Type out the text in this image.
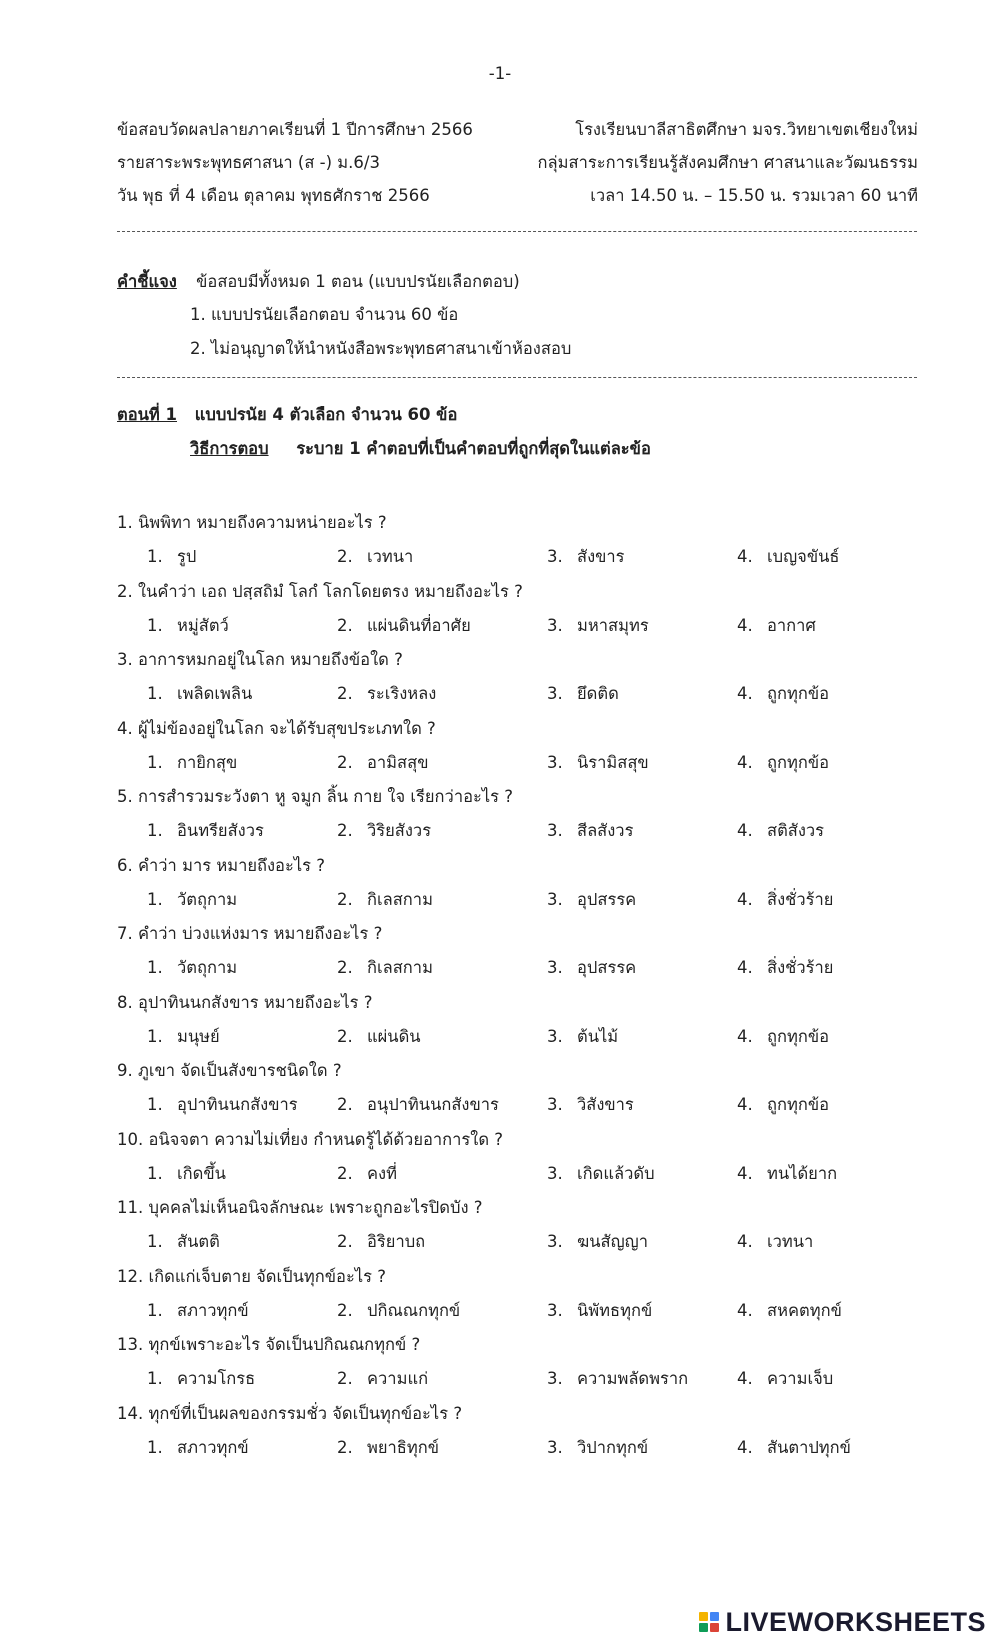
-1-
ข้อสอบวัดผลปลายภาคเรียนที่ 1 ปีการศึกษา 2566
รายสาระพระพุทธศาสนา (ส -) ม.6/3
วัน พุธ ที่ 4 เดือน ตุลาคม พุทธศักราช 2566
โรงเรียนบาลีสาธิตศึกษา มจร.วิทยาเขตเชียงใหม่
กลุ่มสาระการเรียนรู้สังคมศึกษา ศาสนาและวัฒนธรรม
เวลา 14.50 น. – 15.50 น. รวมเวลา 60 นาที
คำชี้แจง ข้อสอบมีทั้งหมด 1 ตอน (แบบปรนัยเลือกตอบ)
1. แบบปรนัยเลือกตอบ จำนวน 60 ข้อ
2. ไม่อนุญาตให้นำหนังสือพระพุทธศาสนาเข้าห้องสอบ
ตอนที่ 1 แบบปรนัย 4 ตัวเลือก จำนวน 60 ข้อ
วิธีการตอบ ระบาย 1 คำตอบที่เป็นคำตอบที่ถูกที่สุดในแต่ละข้อ
1. นิพพิทา หมายถึงความหน่ายอะไร ?
1. รูป	2. เวทนา	3. สังขาร	4. เบญจขันธ์
2. ในคำว่า เอถ ปสฺสถิมํ โลกํ โลกโดยตรง หมายถึงอะไร ?
1. หมู่สัตว์	2. แผ่นดินที่อาศัย	3. มหาสมุทร	4. อากาศ
3. อาการหมกอยู่ในโลก หมายถึงข้อใด ?
1. เพลิดเพลิน	2. ระเริงหลง	3. ยึดติด	4. ถูกทุกข้อ
4. ผู้ไม่ข้องอยู่ในโลก จะได้รับสุขประเภทใด ?
1. กายิกสุข	2. อามิสสุข	3. นิรามิสสุข	4. ถูกทุกข้อ
5. การสำรวมระวังตา หู จมูก ลิ้น กาย ใจ เรียกว่าอะไร ?
1. อินทรียสังวร	2. วิริยสังวร	3. สีลสังวร	4. สติสังวร
6. คำว่า มาร หมายถึงอะไร ?
1. วัตถุกาม	2. กิเลสกาม	3. อุปสรรค	4. สิ่งชั่วร้าย
7. คำว่า บ่วงแห่งมาร หมายถึงอะไร ?
1. วัตถุกาม	2. กิเลสกาม	3. อุปสรรค	4. สิ่งชั่วร้าย
8. อุปาทินนกสังขาร หมายถึงอะไร ?
1. มนุษย์	2. แผ่นดิน	3. ต้นไม้	4. ถูกทุกข้อ
9. ภูเขา จัดเป็นสังขารชนิดใด ?
1. อุปาทินนกสังขาร 2. อนุปาทินนกสังขาร	3. วิสังขาร	4. ถูกทุกข้อ
10. อนิจจตา ความไม่เที่ยง กำหนดรู้ได้ด้วยอาการใด ?
1. เกิดขึ้น	2. คงที่	3. เกิดแล้วดับ	4. ทนได้ยาก
11. บุคคลไม่เห็นอนิจลักษณะ เพราะถูกอะไรปิดบัง ?
1. สันตติ	2. อิริยาบถ	3. ฆนสัญญา	4. เวทนา
12. เกิดแก่เจ็บตาย จัดเป็นทุกข์อะไร ?
1. สภาวทุกข์	2. ปกิณณกทุกข์	3. นิพัทธทุกข์	4. สหคตทุกข์
13. ทุกข์เพราะอะไร จัดเป็นปกิณณกทุกข์ ?
1. ความโกรธ	2. ความแก่	3. ความพลัดพราก	4. ความเจ็บ
14. ทุกข์ที่เป็นผลของกรรมชั่ว จัดเป็นทุกข์อะไร ?
1. สภาวทุกข์	2. พยาธิทุกข์	3. วิปากทุกข์	4. สันตาปทุกข์
LIVEWORKSHEETS
